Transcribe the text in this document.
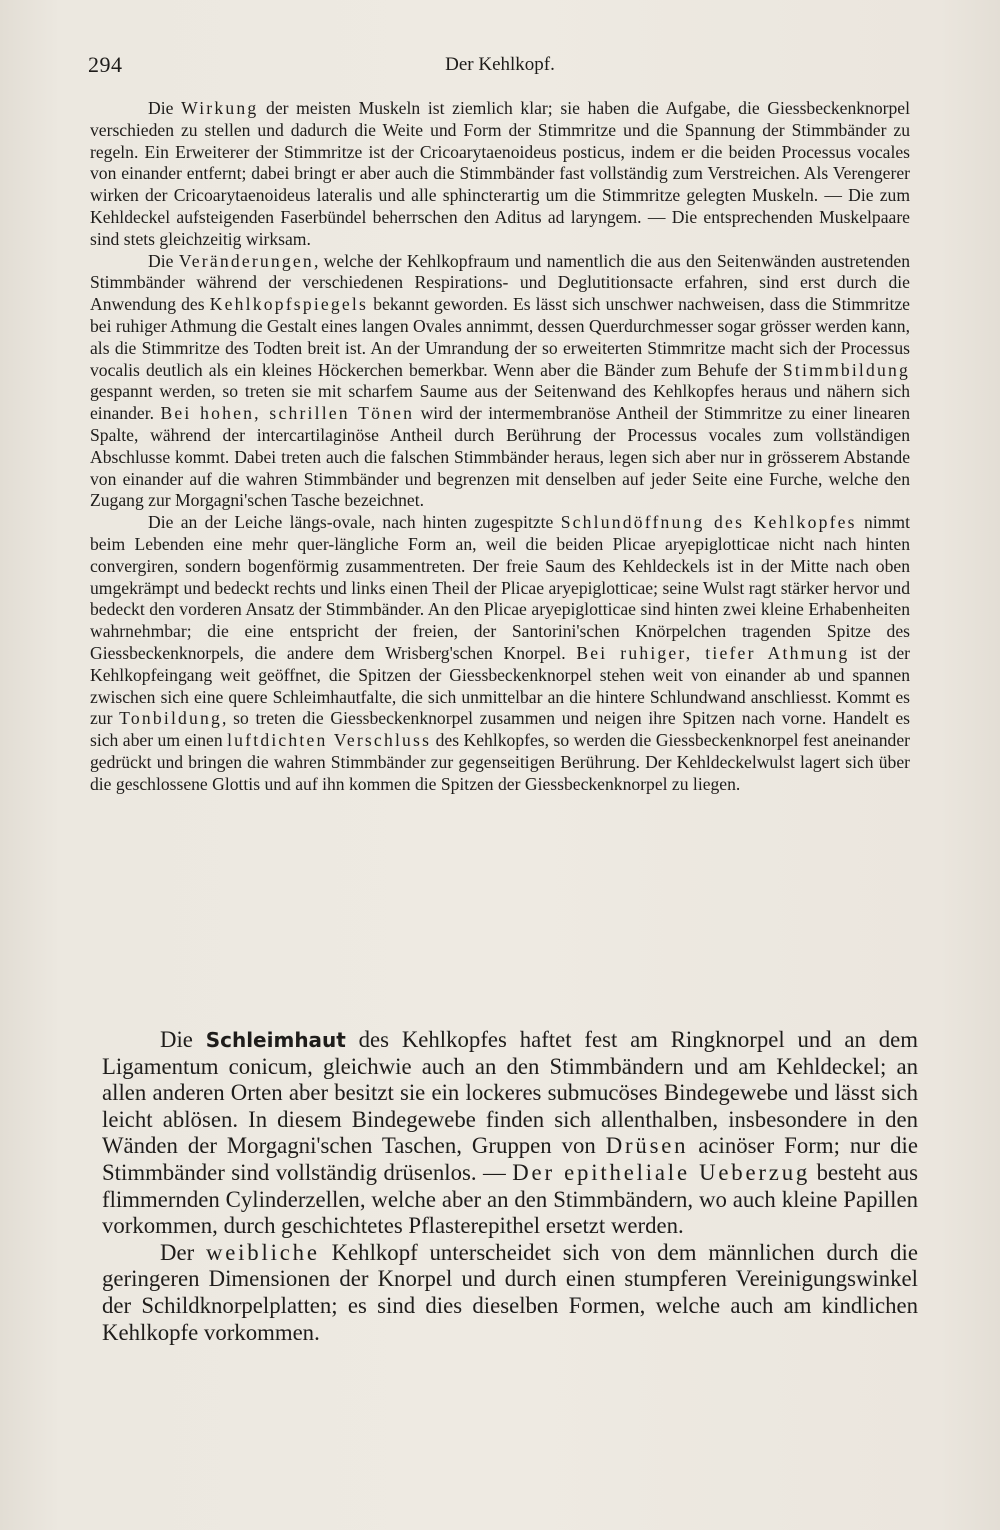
294	Der Kehlkopf.

Die Wirkung der meisten Muskeln ist ziemlich klar; sie haben die Aufgabe, die Giessbeckenknorpel verschieden zu stellen und dadurch die Weite und Form der Stimmritze und die Spannung der Stimmbänder zu regeln. Ein Erweiterer der Stimmritze ist der Cricoarytaenoideus posticus, indem er die beiden Processus vocales von einander entfernt; dabei bringt er aber auch die Stimmbänder fast vollständig zum Verstreichen. Als Verengerer wirken der Cricoarytaenoideus lateralis und alle sphincterartig um die Stimmritze gelegten Muskeln. — Die zum Kehldeckel aufsteigenden Faserbündel beherrschen den Aditus ad laryngem. — Die entsprechenden Muskelpaare sind stets gleichzeitig wirksam.

Die Veränderungen, welche der Kehlkopfraum und namentlich die aus den Seitenwänden austretenden Stimmbänder während der verschiedenen Respirations- und Deglutitionsacte erfahren, sind erst durch die Anwendung des Kehlkopfspiegels bekannt geworden. Es lässt sich unschwer nachweisen, dass die Stimmritze bei ruhiger Athmung die Gestalt eines langen Ovales annimmt, dessen Querdurchmesser sogar grösser werden kann, als die Stimmritze des Todten breit ist. An der Umrandung der so erweiterten Stimmritze macht sich der Processus vocalis deutlich als ein kleines Höckerchen bemerkbar. Wenn aber die Bänder zum Behufe der Stimmbildung gespannt werden, so treten sie mit scharfem Saume aus der Seitenwand des Kehlkopfes heraus und nähern sich einander. Bei hohen, schrillen Tönen wird der intermembranöse Antheil der Stimmritze zu einer linearen Spalte, während der intercartilaginöse Antheil durch Berührung der Processus vocales zum vollständigen Abschlusse kommt. Dabei treten auch die falschen Stimmbänder heraus, legen sich aber nur in grösserem Abstande von einander auf die wahren Stimmbänder und begrenzen mit denselben auf jeder Seite eine Furche, welche den Zugang zur Morgagni'schen Tasche bezeichnet.

Die an der Leiche längs-ovale, nach hinten zugespitzte Schlundöffnung des Kehlkopfes nimmt beim Lebenden eine mehr quer-längliche Form an, weil die beiden Plicae aryepiglotticae nicht nach hinten convergiren, sondern bogenförmig zusammentreten. Der freie Saum des Kehldeckels ist in der Mitte nach oben umgekrämpt und bedeckt rechts und links einen Theil der Plicae aryepiglotticae; seine Wulst ragt stärker hervor und bedeckt den vorderen Ansatz der Stimmbänder. An den Plicae aryepiglotticae sind hinten zwei kleine Erhabenheiten wahrnehmbar; die eine entspricht der freien, der Santorini'schen Knörpelchen tragenden Spitze des Giessbeckenknorpels, die andere dem Wrisberg'schen Knorpel. Bei ruhiger, tiefer Athmung ist der Kehlkopfeingang weit geöffnet, die Spitzen der Giessbeckenknorpel stehen weit von einander ab und spannen zwischen sich eine quere Schleimhautfalte, die sich unmittelbar an die hintere Schlundwand anschliesst. Kommt es zur Tonbildung, so treten die Giessbeckenknorpel zusammen und neigen ihre Spitzen nach vorne. Handelt es sich aber um einen luftdichten Verschluss des Kehlkopfes, so werden die Giessbeckenknorpel fest aneinander gedrückt und bringen die wahren Stimmbänder zur gegenseitigen Berührung. Der Kehldeckelwulst lagert sich über die geschlossene Glottis und auf ihn kommen die Spitzen der Giessbeckenknorpel zu liegen.

Die Schleimhaut des Kehlkopfes haftet fest am Ringknorpel und an dem Ligamentum conicum, gleichwie auch an den Stimmbändern und am Kehldeckel; an allen anderen Orten aber besitzt sie ein lockeres submucöses Bindegewebe und lässt sich leicht ablösen. In diesem Bindegewebe finden sich allenthalben, insbesondere in den Wänden der Morgagni'schen Taschen, Gruppen von Drüsen acinöser Form; nur die Stimmbänder sind vollständig drüsenlos. — Der epitheliale Ueberzug besteht aus flimmernden Cylinderzellen, welche aber an den Stimmbändern, wo auch kleine Papillen vorkommen, durch geschichtetes Pflasterepithel ersetzt werden.

Der weibliche Kehlkopf unterscheidet sich von dem männlichen durch die geringeren Dimensionen der Knorpel und durch einen stumpferen Vereinigungswinkel der Schildknorpelplatten; es sind dies dieselben Formen, welche auch am kindlichen Kehlkopfe vorkommen.
